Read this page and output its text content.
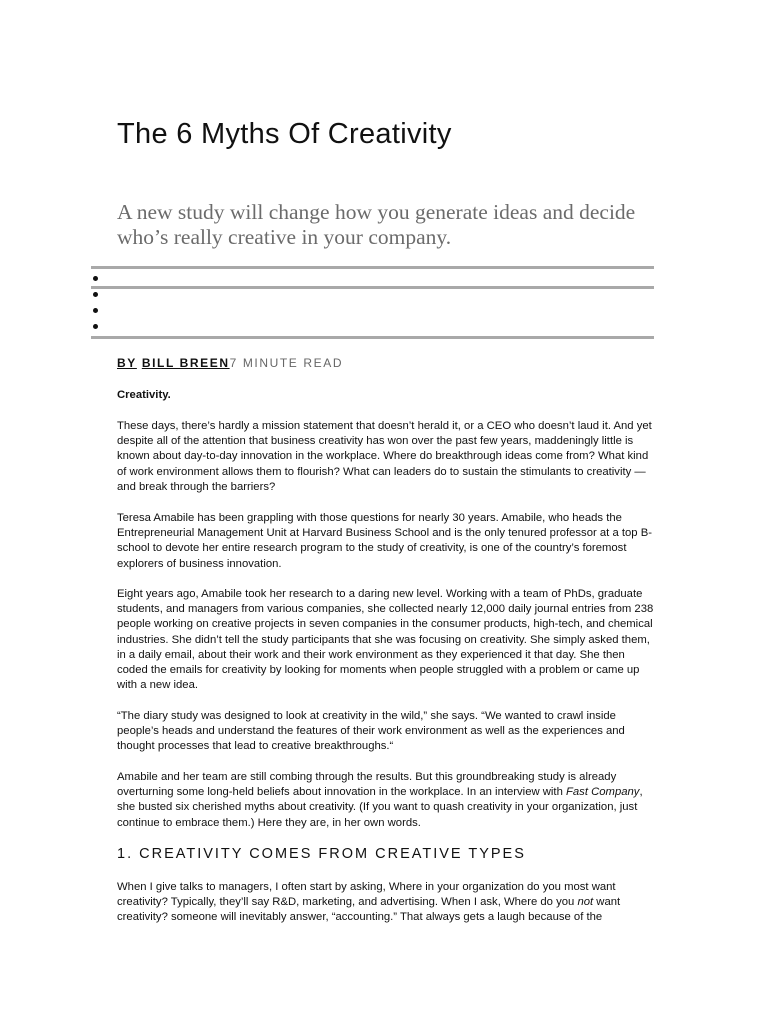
The 6 Myths Of Creativity

A new study will change how you generate ideas and decide who’s really creative in your company.

BY BILL BREEN7 MINUTE READ

Creativity.

These days, there’s hardly a mission statement that doesn’t herald it, or a CEO who doesn’t laud it. And yet despite all of the attention that business creativity has won over the past few years, maddeningly little is known about day-to-day innovation in the workplace. Where do breakthrough ideas come from? What kind of work environment allows them to flourish? What can leaders do to sustain the stimulants to creativity — and break through the barriers?

Teresa Amabile has been grappling with those questions for nearly 30 years. Amabile, who heads the Entrepreneurial Management Unit at Harvard Business School and is the only tenured professor at a top B-school to devote her entire research program to the study of creativity, is one of the country’s foremost explorers of business innovation.

Eight years ago, Amabile took her research to a daring new level. Working with a team of PhDs, graduate students, and managers from various companies, she collected nearly 12,000 daily journal entries from 238 people working on creative projects in seven companies in the consumer products, high-tech, and chemical industries. She didn’t tell the study participants that she was focusing on creativity. She simply asked them, in a daily email, about their work and their work environment as they experienced it that day. She then coded the emails for creativity by looking for moments when people struggled with a problem or came up with a new idea.

“The diary study was designed to look at creativity in the wild,” she says. “We wanted to crawl inside people’s heads and understand the features of their work environment as well as the experiences and thought processes that lead to creative breakthroughs.“

Amabile and her team are still combing through the results. But this groundbreaking study is already overturning some long-held beliefs about innovation in the workplace. In an interview with Fast Company, she busted six cherished myths about creativity. (If you want to quash creativity in your organization, just continue to embrace them.) Here they are, in her own words.

1. CREATIVITY COMES FROM CREATIVE TYPES

When I give talks to managers, I often start by asking, Where in your organization do you most want creativity? Typically, they’ll say R&D, marketing, and advertising. When I ask, Where do you not want creativity? someone will inevitably answer, “accounting.” That always gets a laugh because of the
